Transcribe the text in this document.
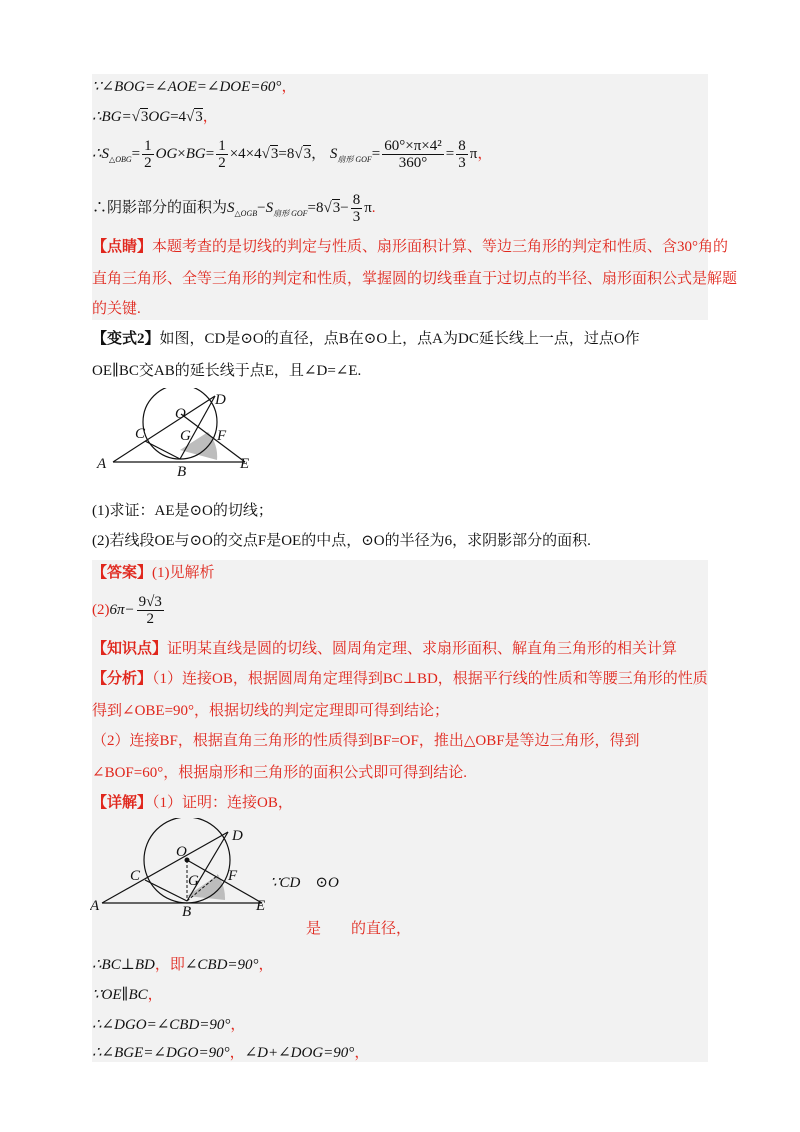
∵∠BOG=∠AOE=∠DOE=60°，
∴BG=√3OG=4√3，
$\therefore S_{\triangle OBG}= \frac{1}{2} OG\times BG= \frac{1}{2} \times 4\times 4√3=8√3$， $S_{扇形 GOF}= \frac{\text{60°×π×4²}}{360^\circ} = \frac{8}{3}$ π，
∴阴影部分的面积为$S_{\triangle OGB}-S_{扇形 GOF}=8√3- \frac{8}{3} \pi$.
【点睛】本题考查的是切线的判定与性质、扇形面积计算、等边三角形的判定和性质、含30°角的
直角三角形、全等三角形的判定和性质，掌握圆的切线垂直于过切点的半径、扇形面积公式是解题
的关键.
【变式2】如图，CD是⊙O的直径，点B在⊙O上，点A为DC延长线上一点，过点O作
OE∥BC交AB的延长线于点E，且∠D=∠E.
D
O
C G F
A	B	E
(1)求证：AE是⊙O的切线；
(2)若线段OE与⊙O的交点F是OE的中点，⊙O的半径为6，求阴影部分的面积.
【答案】(1)见解析
$(2)6\pi- \frac{9√3}{2}$
【知识点】证明某直线是圆的切线、圆周角定理、求扇形面积、解直角三角形的相关计算
【分析】（1）连接OB，根据圆周角定理得到BC⊥BD，根据平行线的性质和等腰三角形的性质
得到∠OBE=90°，根据切线的判定定理即可得到结论；
（2）连接BF，根据直角三角形的性质得到BF=OF，推出△OBF是等边三角形，得到
∠BOF=60°，根据扇形和三角形的面积公式即可得到结论.
【详解】（1）证明：连接OB，
D
O
C	G F
A	B	E
∵CD　⊙O
是　　的直径，
∴BC⊥BD，即∠CBD=90°，
∵OE∥BC，
∴∠DGO=∠CBD=90°，
∴∠BGE=∠DGO=90°，∠D+∠DOG=90°，
